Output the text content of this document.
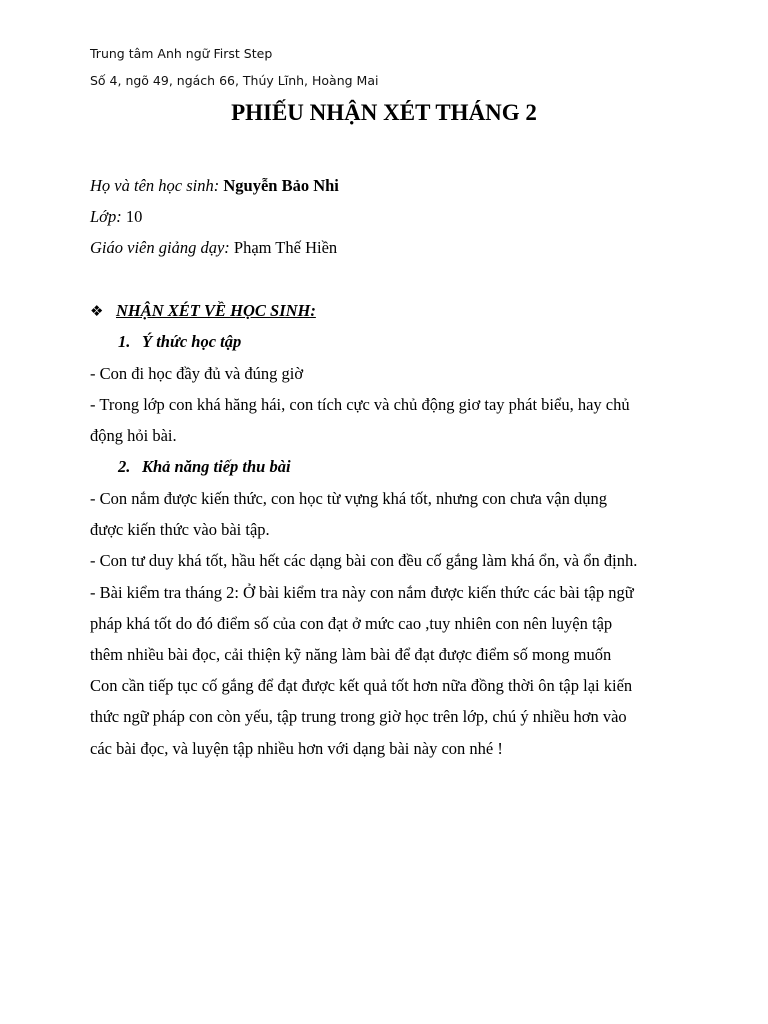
Trung tâm Anh ngữ First Step
Số 4, ngõ 49, ngách 66, Thúy Lĩnh, Hoàng Mai
PHIẾU NHẬN XÉT THÁNG 2
Họ và tên học sinh: Nguyễn Bảo Nhi
Lớp: 10
Giáo viên giảng dạy: Phạm Thế Hiền
❖ NHẬN XÉT VỀ HỌC SINH:
1. Ý thức học tập
- Con đi học đầy đủ và đúng giờ
- Trong lớp con khá hăng hái, con tích cực và chủ động giơ tay phát biểu, hay chủ
động hỏi bài.
2. Khả năng tiếp thu bài
- Con nắm được kiến thức, con học từ vựng khá tốt, nhưng con chưa vận dụng
được kiến thức vào bài tập.
- Con tư duy khá tốt, hầu hết các dạng bài con đều cố gắng làm khá ổn, và ổn định.
- Bài kiểm tra tháng 2: Ở bài kiểm tra này con nắm được kiến thức các bài tập ngữ
pháp khá tốt do đó điểm số của con đạt ở mức cao ,tuy nhiên con nên luyện tập
thêm nhiều bài đọc, cải thiện kỹ năng làm bài để đạt được điểm số mong muốn
Con cần tiếp tục cố gắng để đạt được kết quả tốt hơn nữa đồng thời ôn tập lại kiến
thức ngữ pháp con còn yếu, tập trung trong giờ học trên lớp, chú ý nhiều hơn vào
các bài đọc, và luyện tập nhiều hơn với dạng bài này con nhé !
